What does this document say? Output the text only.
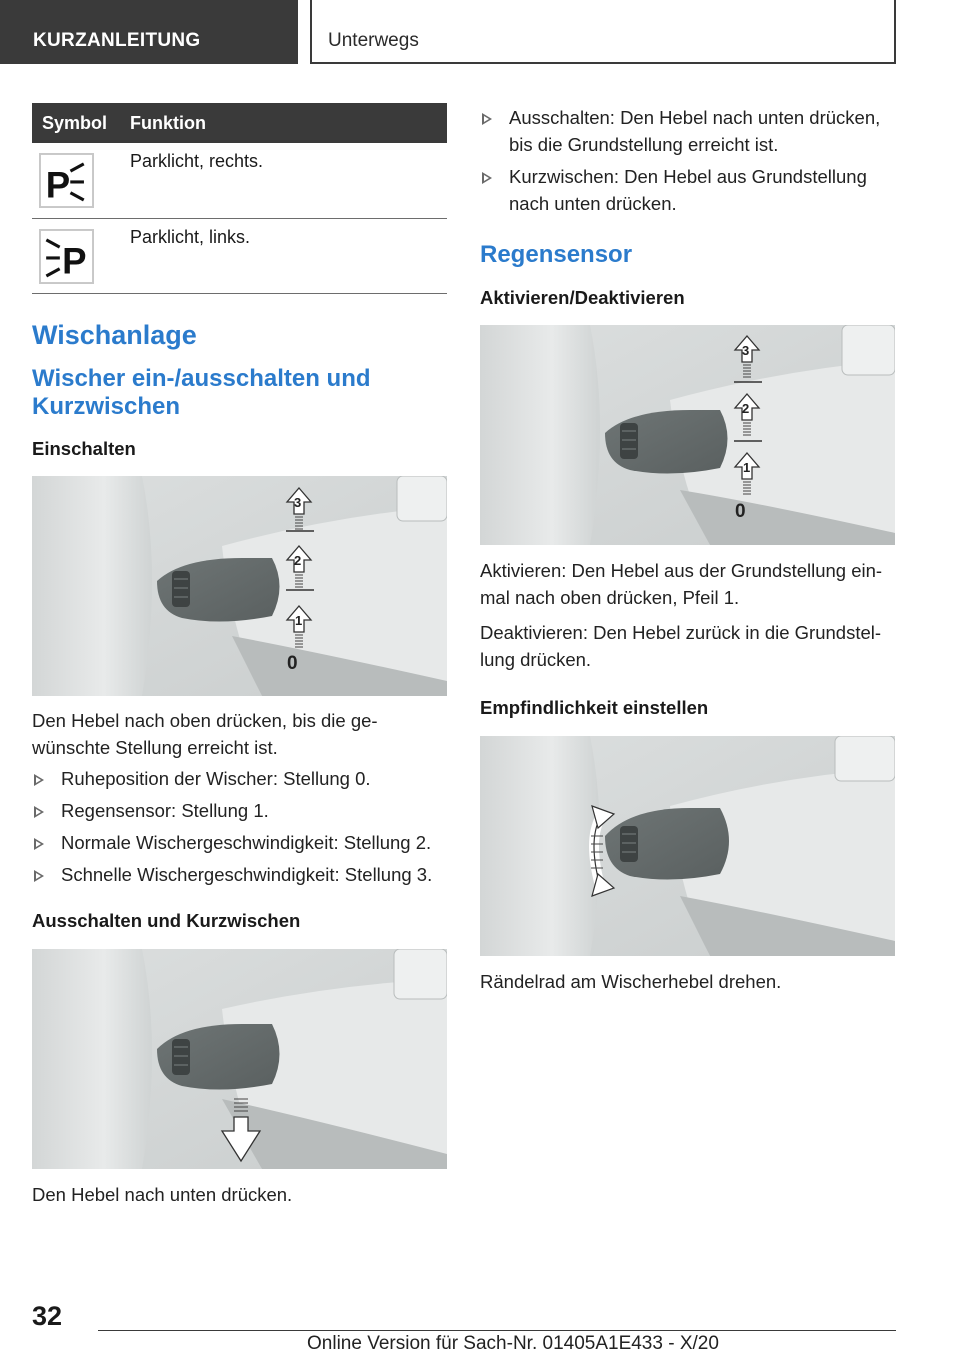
KURZANLEITUNG	Unterwegs
Symbol	Funktion

P	Parklicht, rechts.

P	Parklicht, links.
Wischanlage
Wischer ein-/ausschalten und Kurzwischen
Einschalten
3
2
1
0

Den Hebel nach oben drücken, bis die gewünschte Stellung erreicht ist.

Ruheposition der Wischer: Stellung 0.
Regensensor: Stellung 1.
Normale Wischergeschwindigkeit: Stellung 2.
Schnelle Wischergeschwindigkeit: Stellung 3.
Ausschalten und Kurzwischen

Den Hebel nach unten drücken.

Ausschalten: Den Hebel nach unten drücken, bis die Grundstellung erreicht ist.
Kurzwischen: Den Hebel aus Grundstellung nach unten drücken.
Regensensor
Aktivieren/Deaktivieren
3
2
1
0

Aktivieren: Den Hebel aus der Grundstellung einmal nach oben drücken, Pfeil 1.

Deaktivieren: Den Hebel zurück in die Grundstellung drücken.

Empfindlichkeit einstellen

Rändelrad am Wischerhebel drehen.

32
Online Version für Sach-Nr. 01405A1E433 - X/20
